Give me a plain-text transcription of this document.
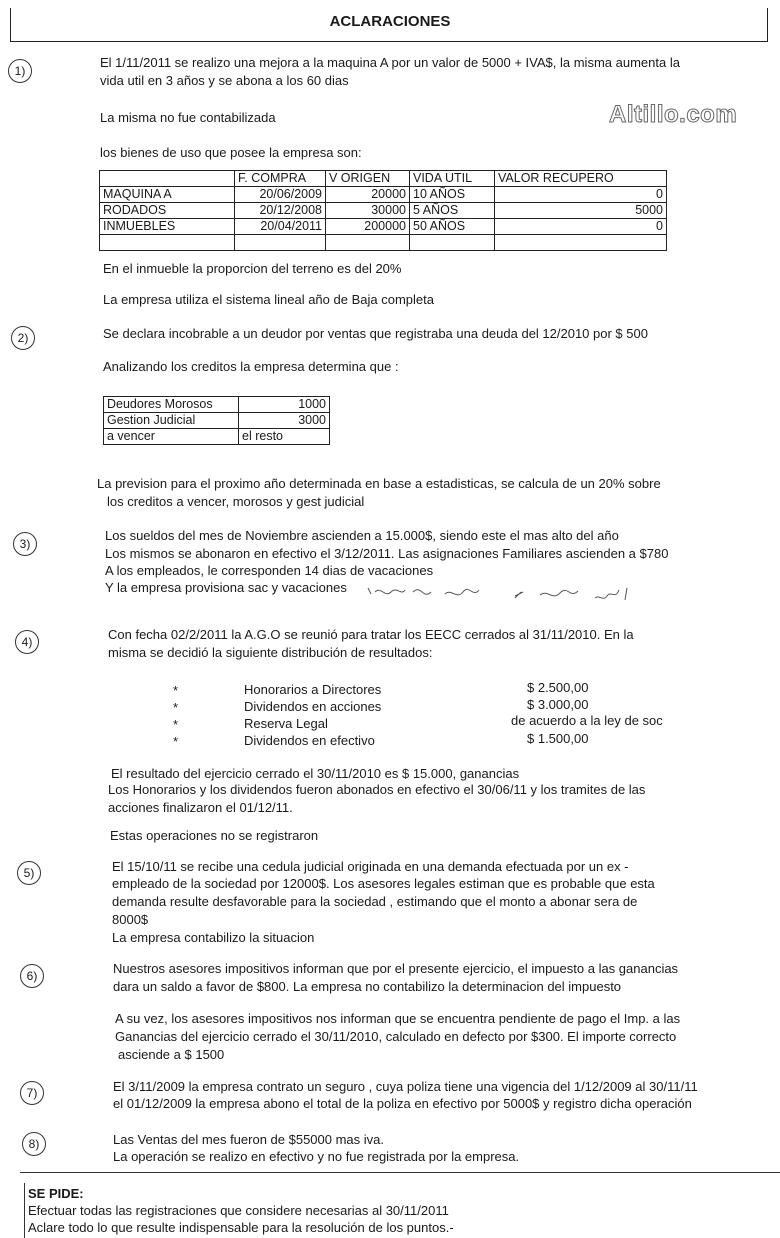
ACLARACIONES
Altillo.com
1)
2)
3)
4)
5)
6)
7)
8)
El 1/11/2011 se realizo una mejora a la maquina A por un valor de 5000 + IVA$, la misma aumenta la
vida util en 3 años y se abona a los 60 dias
La misma no fue contabilizada
los bienes de uso que posee la empresa son:
	F. COMPRA	V ORIGEN	VIDA UTIL	VALOR RECUPERO
MAQUINA A	20/06/2009	20000	10 AÑOS	0
RODADOS	20/12/2008	30000	5 AÑOS	5000
INMUEBLES	20/04/2011	200000	50 AÑOS	0

En el inmueble la proporcion del terreno es del 20%
La empresa utiliza el sistema lineal año de Baja completa
Se declara incobrable a un deudor por ventas que registraba una deuda del 12/2010 por $ 500
Analizando los creditos la empresa determina que :
Deudores Morosos	1000
Gestion Judicial	3000
a vencer	el resto
La prevision para el proximo año determinada en base a estadisticas, se calcula de un 20% sobre
los creditos a vencer, morosos y gest judicial
Los sueldos del mes de Noviembre ascienden a 15.000$, siendo este el mas alto del año
Los mismos se abonaron en efectivo el 3/12/2011. Las asignaciones Familiares ascienden a $780
A los empleados, le corresponden 14 dias de vacaciones
Y la empresa provisiona sac y vacaciones
Con fecha 02/2/2011 la A.G.O se reunió para tratar los EECC cerrados al 31/11/2010. En la
misma se decidió la siguiente distribución de resultados:
*	Honorarios a Directores	$ 2.500,00
*	Dividendos en acciones	$ 3.000,00
*	Reserva Legal	de acuerdo a la ley de soc
*	Dividendos en efectivo	$ 1.500,00
El resultado del ejercicio cerrado el 30/11/2010 es $ 15.000, ganancias
Los Honorarios y los dividendos fueron abonados en efectivo el 30/06/11 y los tramites de las
acciones finalizaron el 01/12/11.
Estas operaciones no se registraron
El 15/10/11 se recibe una cedula judicial originada en una demanda efectuada por un ex -
empleado de la sociedad por 12000$. Los asesores legales estiman que es probable que esta
demanda resulte desfavorable para la sociedad , estimando que el monto a abonar sera de
8000$
La empresa contabilizo la situacion
Nuestros asesores impositivos informan que por el presente ejercicio, el impuesto a las ganancias
dara un saldo a favor de $800. La empresa no contabilizo la determinacion del impuesto
A su vez, los asesores impositivos nos informan que se encuentra pendiente de pago el Imp. a las
Ganancias del ejercicio cerrado el 30/11/2010, calculado en defecto por $300. El importe correcto
asciende a $ 1500
El 3/11/2009 la empresa contrato un seguro , cuya poliza tiene una vigencia del 1/12/2009 al 30/11/11
el 01/12/2009 la empresa abono el total de la poliza en efectivo por 5000$ y registro dicha operación
Las Ventas del mes fueron de $55000 mas iva.
La operación se realizo en efectivo y no fue registrada por la empresa.
SE PIDE:
Efectuar todas las registraciones que considere necesarias al 30/11/2011
Aclare todo lo que resulte indispensable para la resolución de los puntos.-
